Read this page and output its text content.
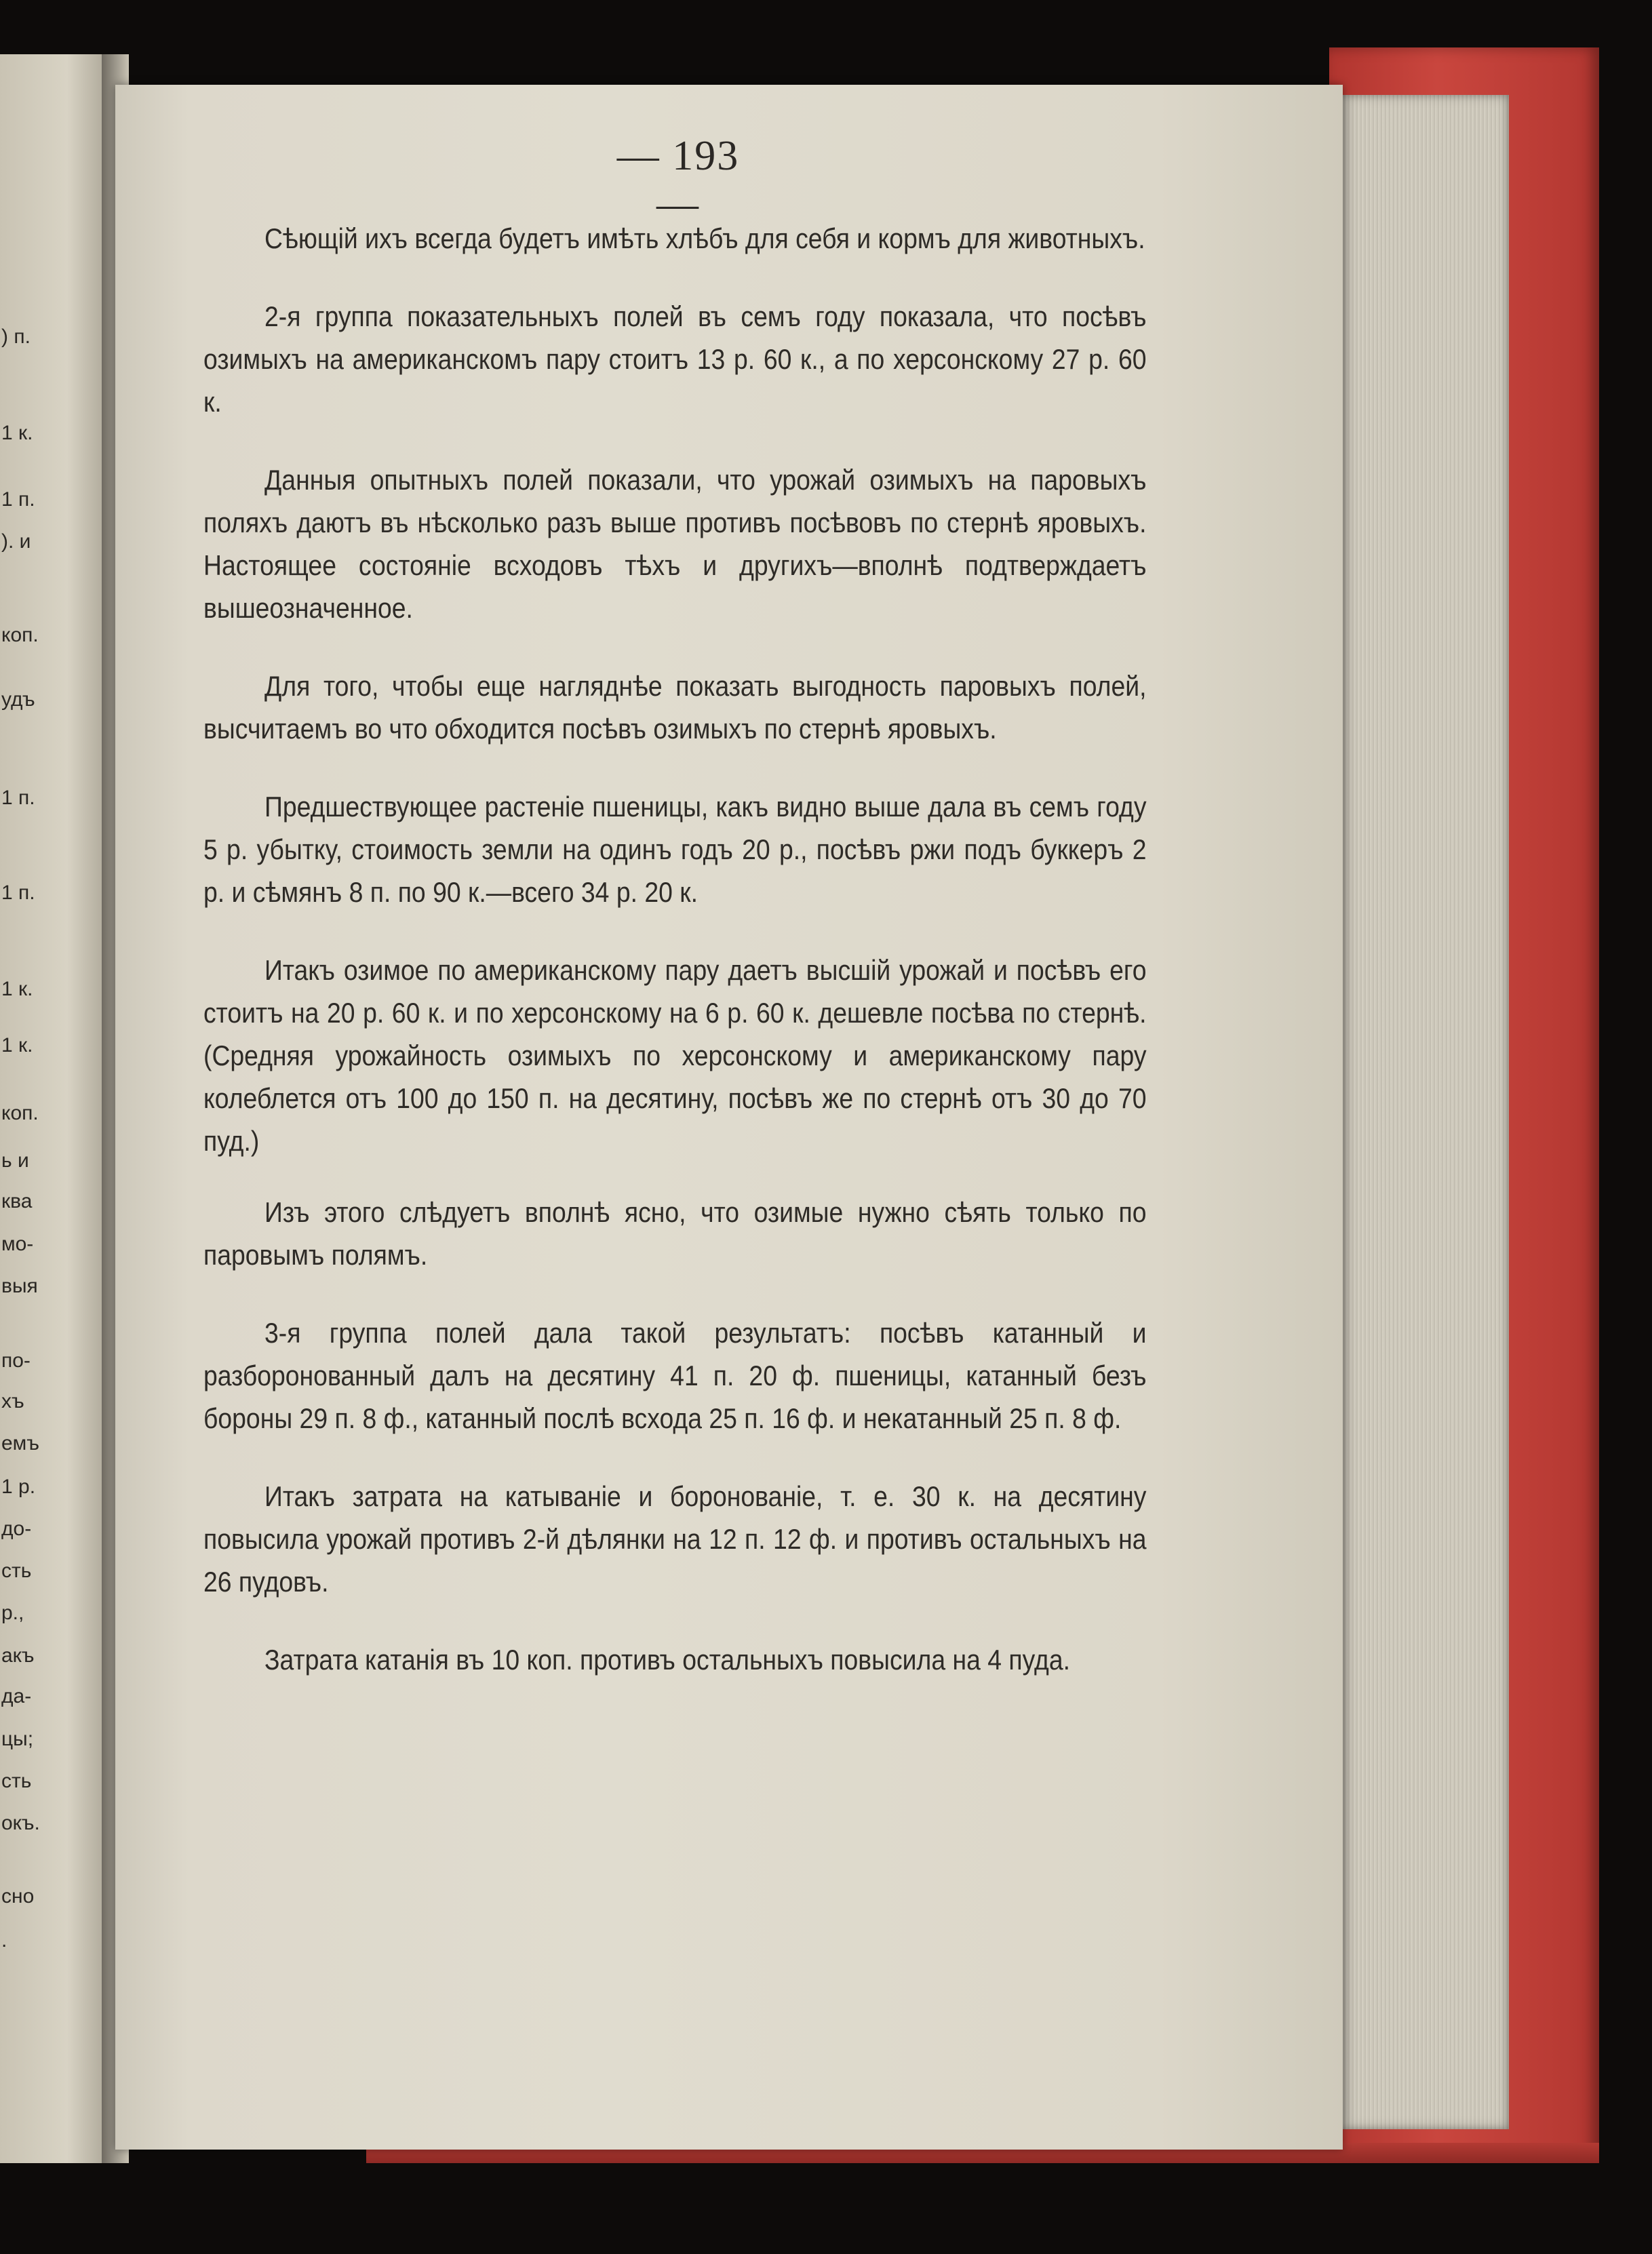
) п.
1 к.
1 п.
). и
коп.
удъ
1 п.
1 п.
1 к.
1 к.
коп.
ь и
ква
мо-
выя
по-
хъ
емъ
1 р.
до-
сть
р.,
акъ
да-
цы;
сть
окъ.
сно
.
— 193 —

Сѣющій ихъ всегда будетъ имѣть хлѣбъ для себя и кормъ для животныхъ.

2-я группа показательныхъ полей въ семъ году показала, что посѣвъ озимыхъ на американскомъ пару стоитъ 13 р. 60 к., а по херсонскому 27 р. 60 к.

Данныя опытныхъ полей показали, что урожай озимыхъ на паровыхъ поляхъ даютъ въ нѣсколько разъ выше противъ посѣвовъ по стернѣ яровыхъ. Настоящее состояніе всходовъ тѣхъ и другихъ—вполнѣ подтверждаетъ вышеозначенное.

Для того, чтобы еще нагляднѣе показать выгодность паровыхъ полей, высчитаемъ во что обходится посѣвъ озимыхъ по стернѣ яровыхъ.

Предшествующее растеніе пшеницы, какъ видно выше дала въ семъ году 5 р. убытку, стоимость земли на одинъ годъ 20 р., посѣвъ ржи подъ буккеръ 2 р. и сѣмянъ 8 п. по 90 к.—всего 34 р. 20 к.

Итакъ озимое по американскому пару даетъ высшій урожай и посѣвъ его стоитъ на 20 р. 60 к. и по херсонскому на 6 р. 60 к. дешевле посѣва по стернѣ. (Средняя урожайность озимыхъ по херсонскому и американскому пару колеблется отъ 100 до 150 п. на десятину, посѣвъ же по стернѣ отъ 30 до 70 пуд.)

Изъ этого слѣдуетъ вполнѣ ясно, что озимые нужно сѣять только по паровымъ полямъ.

3-я группа полей дала такой результатъ: посѣвъ катанный и разборонованный далъ на десятину 41 п. 20 ф. пшеницы, катанный безъ бороны 29 п. 8 ф., катанный послѣ всхода 25 п. 16 ф. и некатанный 25 п. 8 ф.

Итакъ затрата на катываніе и боронованіе, т. е. 30 к. на десятину повысила урожай противъ 2-й дѣлянки на 12 п. 12 ф. и противъ остальныхъ на 26 пудовъ.

Затрата катанія въ 10 коп. противъ остальныхъ повысила на 4 пуда.
